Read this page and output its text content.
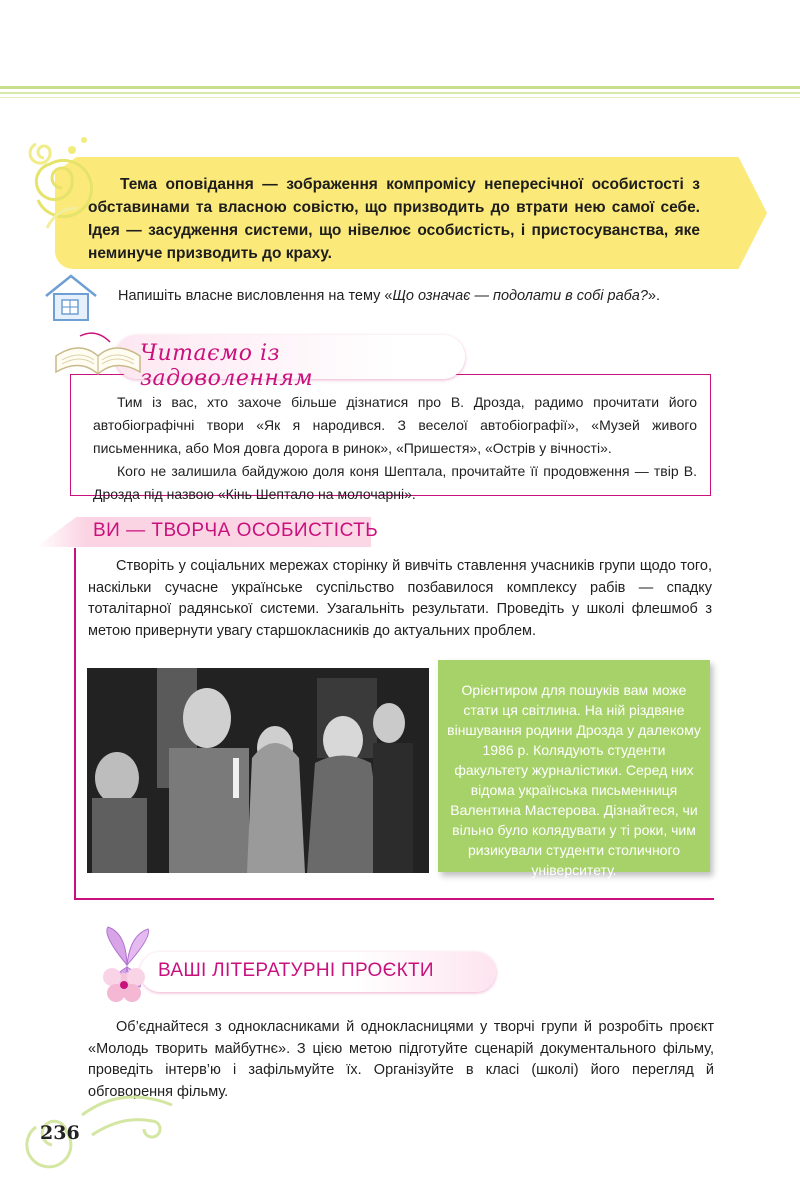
Тема оповідання — зображення компромісу непересічної особистості з обставинами та власною совістю, що призводить до втрати нею самої себе. Ідея — засудження системи, що нівелює особистість, і пристосуванства, яке неминуче призводить до краху.
Напишіть власне висловлення на тему «Що означає — подолати в собі раба?».
Читаємо із задоволенням
Тим із вас, хто захоче більше дізнатися про В. Дрозда, радимо прочитати його автобіографічні твори «Як я народився. З веселої автобіографії», «Музей живого письменника, або Моя довга дорога в ринок», «Пришестя», «Острів у вічності».
Кого не залишила байдужою доля коня Шептала, прочитайте її продовження — твір В. Дрозда під назвою «Кінь Шептало на молочарні».
ВИ — ТВОРЧА ОСОБИСТІСТЬ
Створіть у соціальних мережах сторінку й вивчіть ставлення учасників групи щодо того, наскільки сучасне українське суспільство позбавилося комплексу рабів — спадку тоталітарної радянської системи. Узагальніть результати. Проведіть у школі флешмоб з метою привернути увагу старшокласників до актуальних проблем.
Орієнтиром для пошуків вам може стати ця світлина. На ній різдвяне віншування родини Дрозда у далекому 1986 р. Колядують студенти факультету журналістики. Серед них відома українська письменниця Валентина Мастерова. Дізнайтеся, чи вільно було колядувати у ті роки, чим ризикували студенти столичного університету.
ВАШІ ЛІТЕРАТУРНІ ПРОЄКТИ
Об’єднайтеся з однокласниками й однокласницями у творчі групи й розробіть проєкт «Молодь творить майбутнє». З цією метою підготуйте сценарій документального фільму, проведіть інтерв’ю і зафільмуйте їх. Організуйте в класі (школі) його перегляд й обговорення фільму.
236
